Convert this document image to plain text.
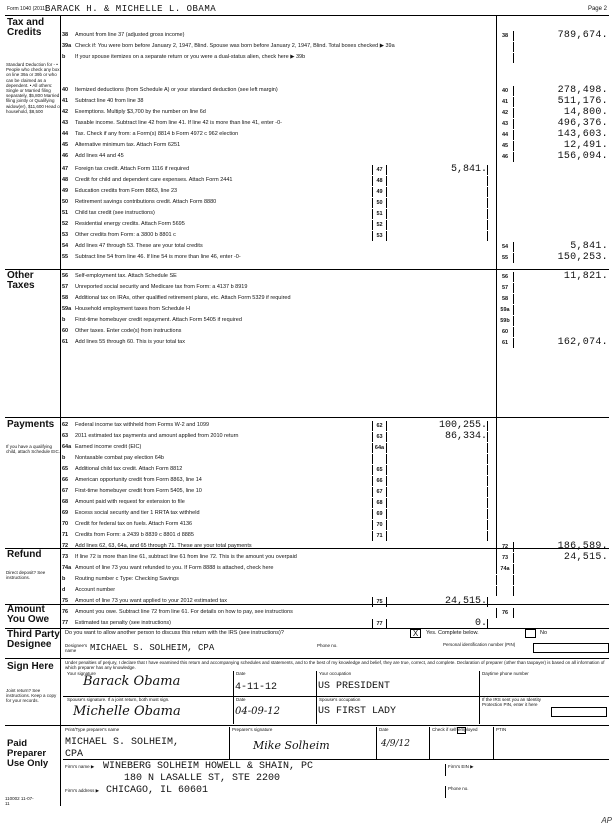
Form 1040 (2011)
BARACK H. & MICHELLE L. OBAMA	Page 2
Tax and Credits
Standard Deduction for - • People who check any box on line 39a or 39b or who can be claimed as a dependent. • All others: Single or Married filing separately, $5,800 Married filing jointly or Qualifying widow(er), $11,600 Head of household, $8,500
Other Taxes
Payments
If you have a qualifying child, attach Schedule EIC.
Refund
Direct deposit? See instructions.
Amount You Owe
Third Party Designee
Sign Here
Joint return? See instructions. Keep a copy for your records.
Paid Preparer Use Only
38 Amount from line 37 (adjusted gross income)	38	789,674.
39a Check if: You were born before January 2, 1947, Blind. Spouse was born before January 2, 1947, Blind. Total boxes checked ▶ 39a
b If your spouse itemizes on a separate return or you were a dual-status alien, check here ▶ 39b
40 Itemized deductions (from Schedule A) or your standard deduction (see left margin)	40	278,498.
41 Subtract line 40 from line 38	41	511,176.
42 Exemptions. Multiply $3,700 by the number on line 6d	42	14,800.
43 Taxable income. Subtract line 42 from line 41. If line 42 is more than line 41, enter -0-	43	496,376.
44 Tax. Check if any from: a Form(s) 8814 b Form 4972 c 962 election	44	143,603.
45 Alternative minimum tax. Attach Form 6251	45	12,491.
46 Add lines 44 and 45	46	156,094.
47 Foreign tax credit. Attach Form 1116 if required	47	5,841.
48 Credit for child and dependent care expenses. Attach Form 2441	48
49 Education credits from Form 8863, line 23	49
50 Retirement savings contributions credit. Attach Form 8880	50
51 Child tax credit (see instructions)	51
52 Residential energy credits. Attach Form 5695	52
53 Other credits from Form: a 3800 b 8801 c	53
54 Add lines 47 through 53. These are your total credits	54	5,841.
55 Subtract line 54 from line 46. If line 54 is more than line 46, enter -0-	55	150,253.
56 Self-employment tax. Attach Schedule SE	56	11,821.
57 Unreported social security and Medicare tax from Form: a 4137 b 8919	57
58 Additional tax on IRAs, other qualified retirement plans, etc. Attach Form 5329 if required	58
59a Household employment taxes from Schedule H	59a
b First-time homebuyer credit repayment. Attach Form 5405 if required	59b
60 Other taxes. Enter code(s) from instructions	60
61 Add lines 55 through 60. This is your total tax	61	162,074.
62 Federal income tax withheld from Forms W-2 and 1099	62	100,255.
63 2011 estimated tax payments and amount applied from 2010 return	63	86,334.
64a Earned income credit (EIC)	64a
b Nontaxable combat pay election 64b
65 Additional child tax credit. Attach Form 8812	65
66 American opportunity credit from Form 8863, line 14	66
67 First-time homebuyer credit from Form 5405, line 10	67
68 Amount paid with request for extension to file	68
69 Excess social security and tier 1 RRTA tax withheld	69
70 Credit for federal tax on fuels. Attach Form 4136	70
71 Credits from Form: a 2439 b 8839 c 8801 d 8885	71
72 Add lines 62, 63, 64a, and 65 through 71. These are your total payments	72	186,589.
73 If line 72 is more than line 61, subtract line 61 from line 72. This is the amount you overpaid	73	24,515.
74a Amount of line 73 you want refunded to you. If Form 8888 is attached, check here	74a
b Routing number c Type: Checking Savings
d Account number
75 Amount of line 73 you want applied to your 2012 estimated tax	75	24,515.
76 Amount you owe. Subtract line 72 from line 61. For details on how to pay, see instructions	76
77 Estimated tax penalty (see instructions)	77	0.
Do you want to allow another person to discuss this return with the IRS (see instructions)?	X	Yes. Complete below.	No
Designee's name	MICHAEL S. SOLHEIM, CPA	Phone no.	Personal identification number (PIN)
Under penalties of perjury, I declare that I have examined this return and accompanying schedules and statements, and to the best of my knowledge and belief, they are true, correct, and complete. Declaration of preparer (other than taxpayer) is based on all information of which preparer has any knowledge.
Your signature
Barack Obama
Date
4-11-12
Your occupation
US PRESIDENT
Daytime phone number
Spouse's signature. If a joint return, both must sign.
Michelle Obama
Date
04-09-12
Spouse's occupation
US FIRST LADY
If the IRS sent you an Identity Protection PIN, enter it here
Print/Type preparer's name
MICHAEL S. SOLHEIM,
CPA
Preparer's signature
Mike Solheim
Date
4/9/12
Check if self-employed	PTIN
Firm's name ▶ WINEBERG SOLHEIM HOWELL & SHAIN, PC	Firm's EIN ▶
180 N LASALLE ST, STE 2200
Firm's address ▶ CHICAGO, IL 60601	Phone no.
110002 11-07-11
AP
